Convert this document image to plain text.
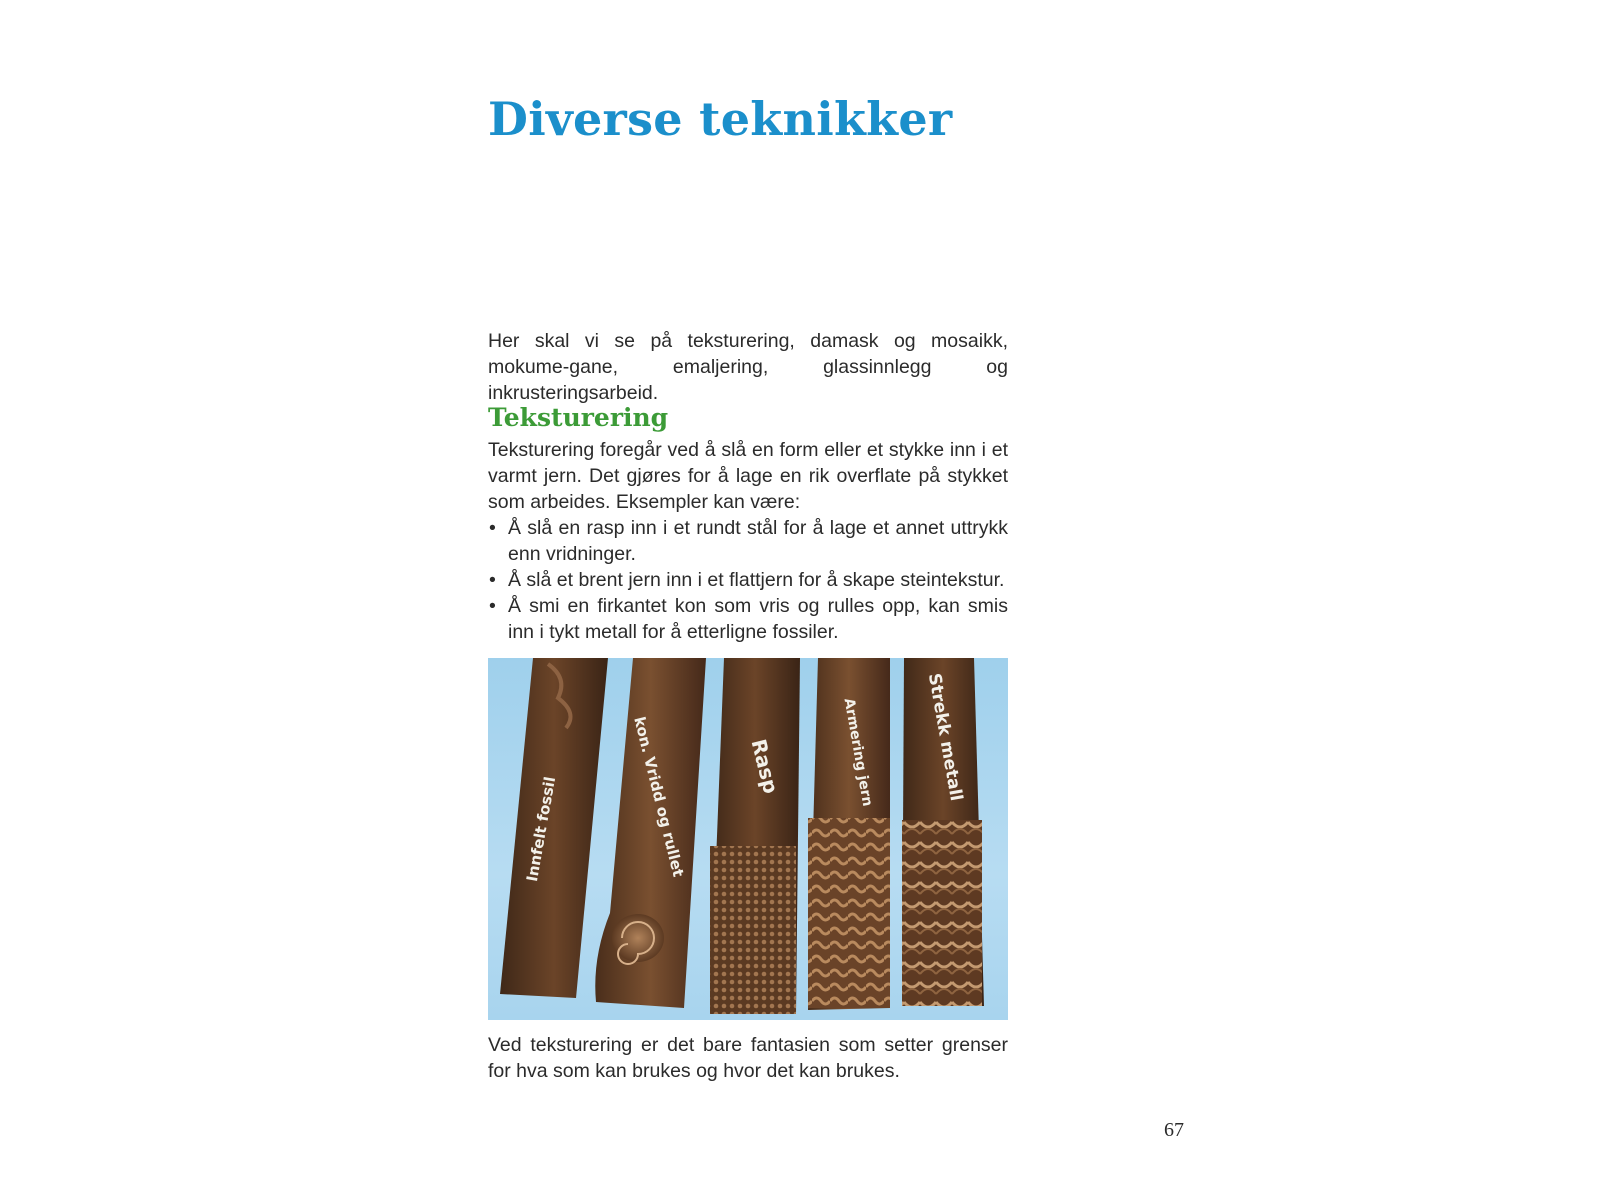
Diverse teknikker

Her skal vi se på teksturering, damask og mosaikk, mokume-gane, emaljering, glassinnlegg og inkrusteringsarbeid.

Teksturering

Teksturering foregår ved å slå en form eller et stykke inn i et varmt jern. Det gjøres for å lage en rik overflate på stykket som arbeides. Eksempler kan være:

• Å slå en rasp inn i et rundt stål for å lage et annet uttrykk enn vridninger.
• Å slå et brent jern inn i et flattjern for å skape steintekstur.
• Å smi en firkantet kon som vris og rulles opp, kan smis inn i tykt metall for å etterligne fossiler.
Innfelt fossil	kon. Vridd og rullet	Rasp	Armering jern	Strekk metall

Ved teksturering er det bare fantasien som setter grenser for hva som kan brukes og hvor det kan brukes.

67
